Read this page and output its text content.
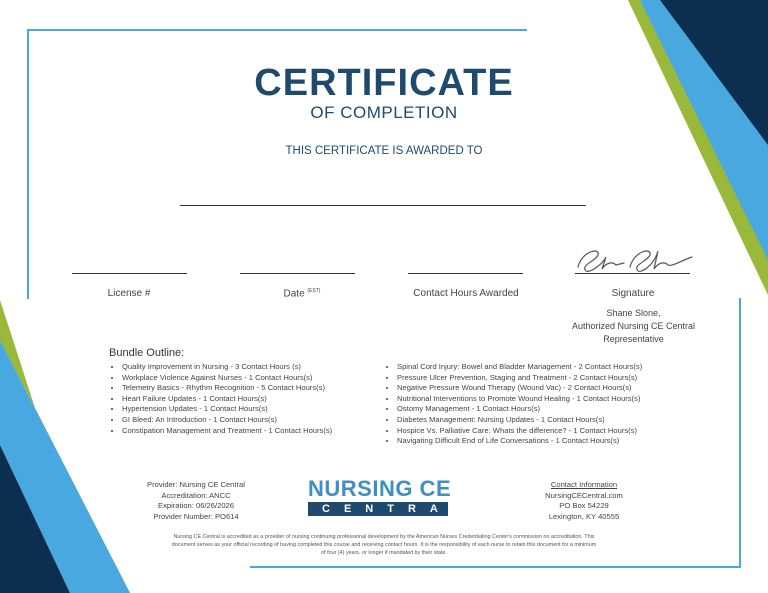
CERTIFICATE
OF COMPLETION
THIS CERTIFICATE IS AWARDED TO
License #	Date $^{(EST)}$	Contact Hours Awarded	Signature
Shane Slone,
Authorized Nursing CE Central
Representative
Bundle Outline:
• Quality Improvement in Nursing - 3 Contact Hours (s)
• Workplace Violence Against Nurses - 1 Contact Hours(s)
• Telemetry Basics - Rhythm Recognition - 5 Contact Hours(s)
• Heart Failure Updates - 1 Contact Hours(s)
• Hypertension Updates - 1 Contact Hours(s)
• GI Bleed: An Introduction - 1 Contact Hours(s)
• Constipation Management and Treatment - 1 Contact Hours(s)
• Spinal Cord Injury: Bowel and Bladder Management - 2 Contact Hours(s)
• Pressure Ulcer Prevention, Staging and Treatment - 2 Contact Hours(s)
• Negative Pressure Wound Therapy (Wound Vac) - 2 Contact Hours(s)
• Nutritional Interventions to Promote Wound Healing - 1 Contact Hours(s)
• Ostomy Management - 1 Contact Hours(s)
• Diabetes Management: Nursing Updates - 1 Contact Hours(s)
• Hospice Vs. Palliative Care: Whats the difference? - 1 Contact Hours(s)
• Navigating Difficult End of Life Conversations - 1 Contact Hours(s)
Provider: Nursing CE Central
Accreditation: ANCC
Expiration: 06/26/2026
Provider Number: PO614
NURSING CE
CENTRAL
Contact Information
NursingCECentral.com
PO Box 54229
Lexington, KY 40555
Nursing CE Central is accredited as a provider of nursing continuing professional development by the American Nurses Credentialing Center's commission on accreditation. This document serves as your official recording of having completed this course and receiving contact hours. It is the responsibility of each nurse to retain this document for a minimum of four (4) years, or longer if mandated by their state.
